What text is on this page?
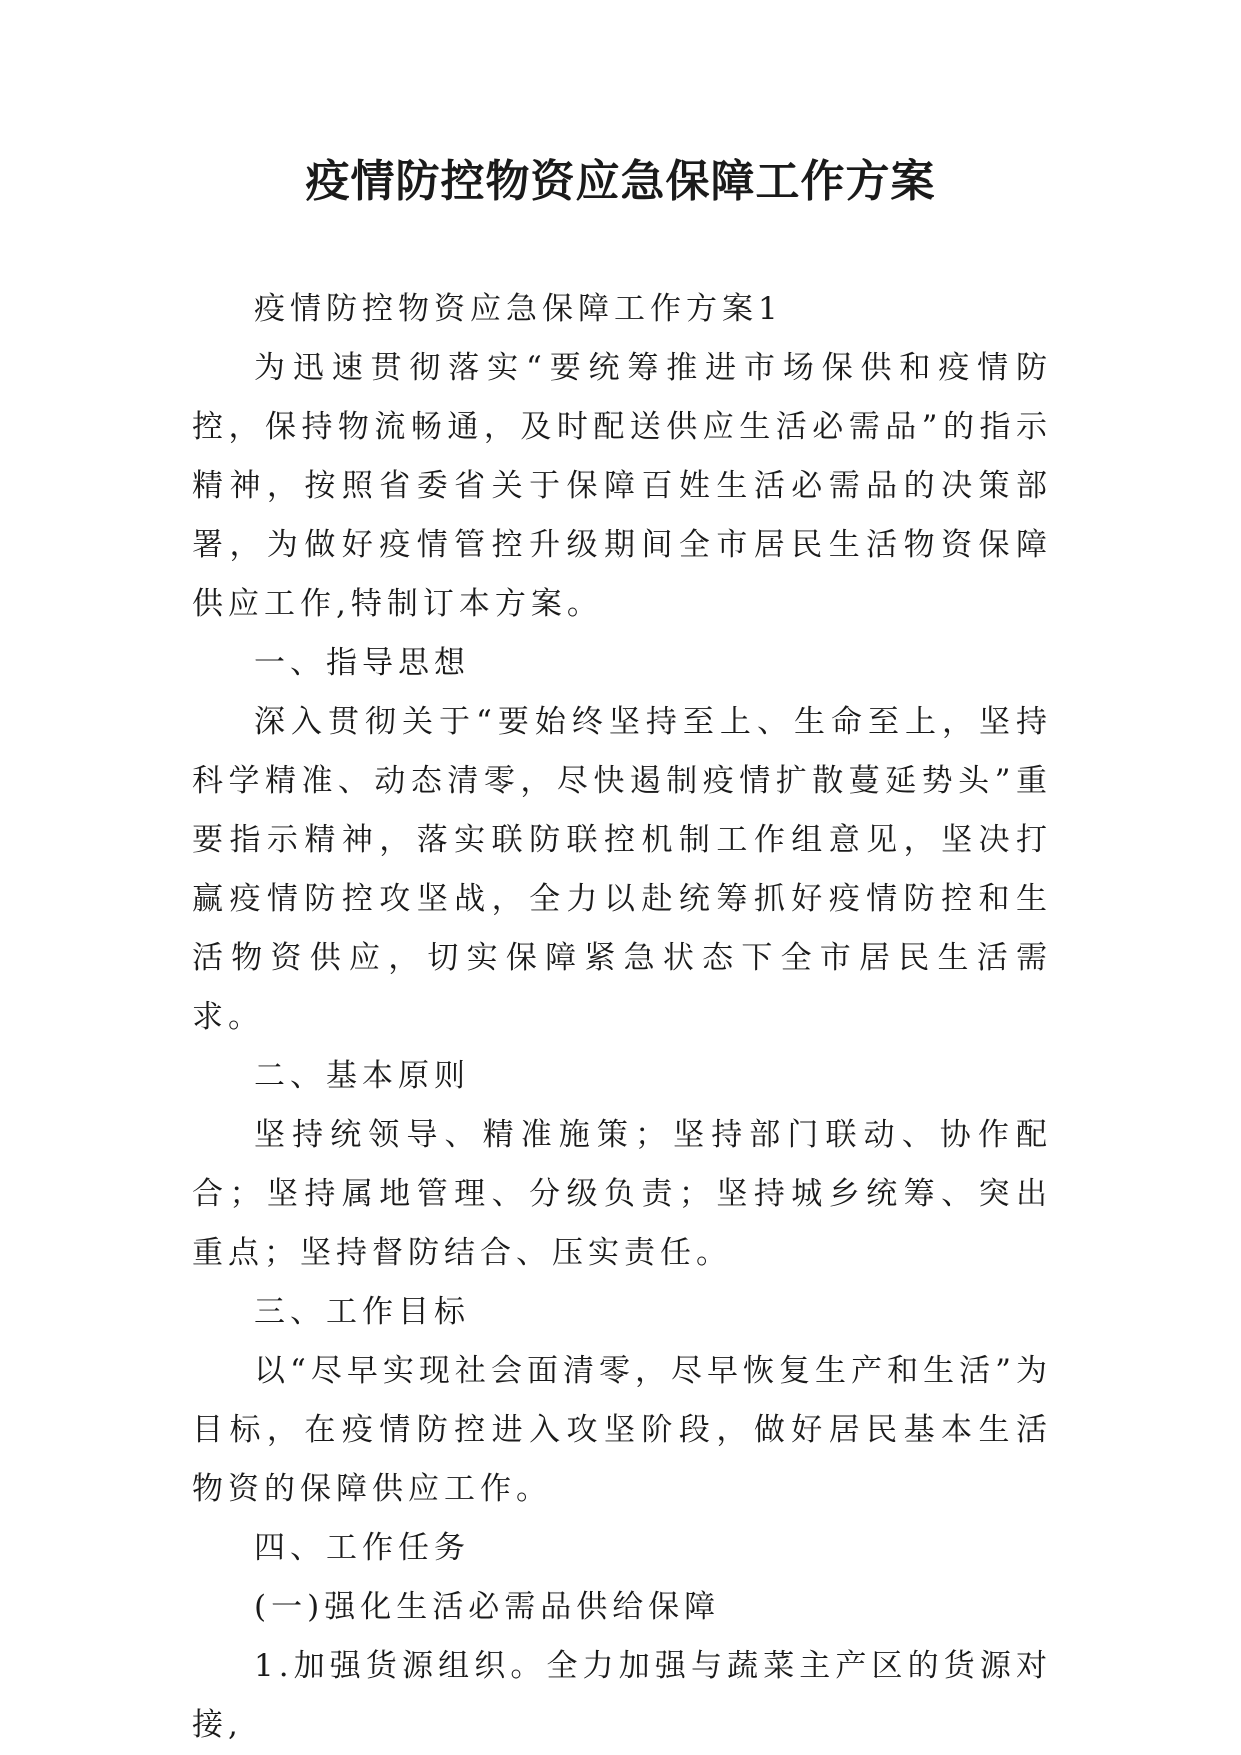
疫情防控物资应急保障工作方案

疫情防控物资应急保障工作方案1

为迅速贯彻落实“要统筹推进市场保供和疫情防控，保持物流畅通，及时配送供应生活必需品”的指示精神，按照省委省关于保障百姓生活必需品的决策部署，为做好疫情管控升级期间全市居民生活物资保障供应工作,特制订本方案。

一、指导思想

深入贯彻关于“要始终坚持至上、生命至上，坚持科学精准、动态清零，尽快遏制疫情扩散蔓延势头”重要指示精神，落实联防联控机制工作组意见，坚决打赢疫情防控攻坚战，全力以赴统筹抓好疫情防控和生活物资供应，切实保障紧急状态下全市居民生活需求。

二、基本原则

坚持统领导、精准施策；坚持部门联动、协作配合；坚持属地管理、分级负责；坚持城乡统筹、突出重点；坚持督防结合、压实责任。

三、工作目标

以“尽早实现社会面清零，尽早恢复生产和生活”为目标，在疫情防控进入攻坚阶段，做好居民基本生活物资的保障供应工作。

四、工作任务

(一)强化生活必需品供给保障

1.加强货源组织。全力加强与蔬菜主产区的货源对接,
